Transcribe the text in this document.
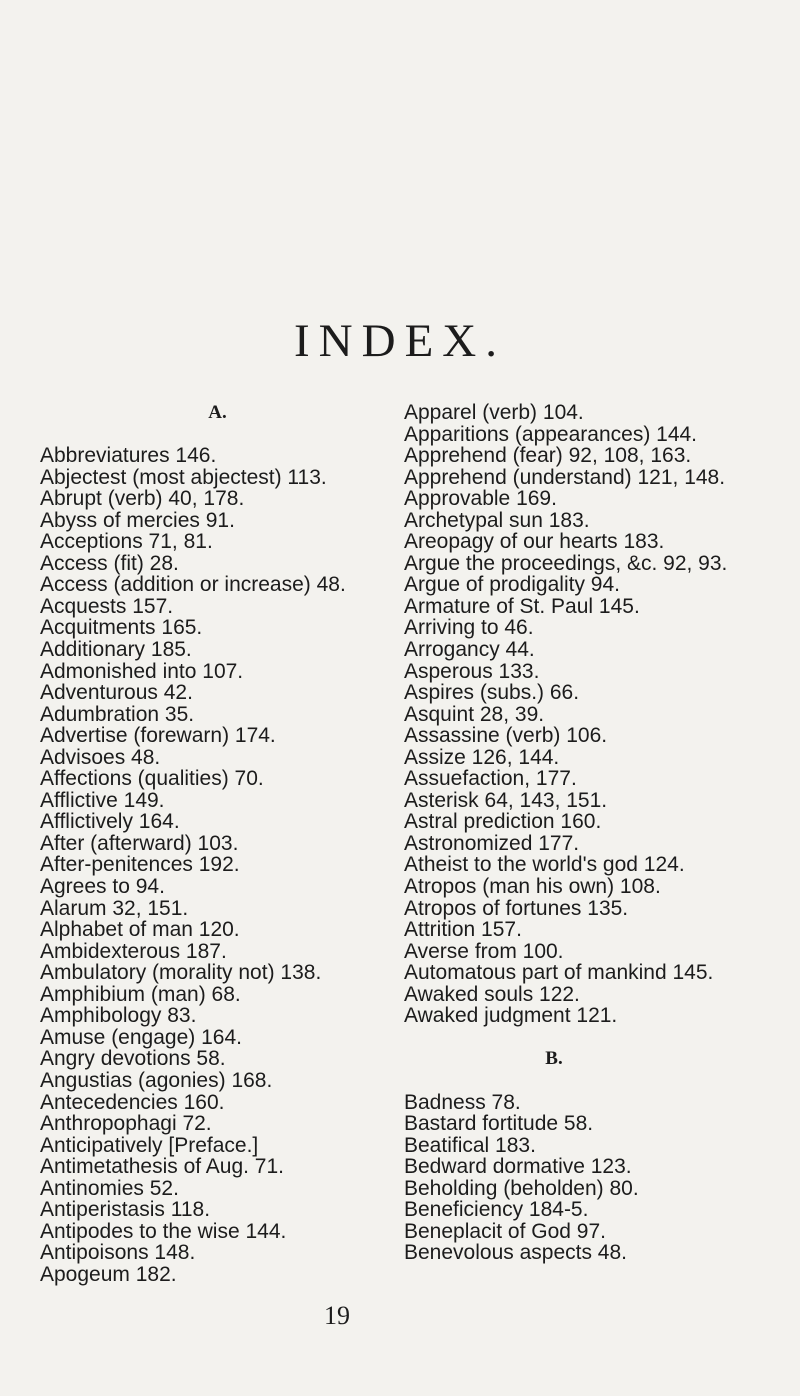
INDEX.
A.
Abbreviatures 146.
Abjectest (most abjectest) 113.
Abrupt (verb) 40, 178.
Abyss of mercies 91.
Acceptions 71, 81.
Access (fit) 28.
Access (addition or increase) 48.
Acquests 157.
Acquitments 165.
Additionary 185.
Admonished into 107.
Adventurous 42.
Adumbration 35.
Advertise (forewarn) 174.
Advisoes 48.
Affections (qualities) 70.
Afflictive 149.
Afflictively 164.
After (afterward) 103.
After-penitences 192.
Agrees to 94.
Alarum 32, 151.
Alphabet of man 120.
Ambidexterous 187.
Ambulatory (morality not) 138.
Amphibium (man) 68.
Amphibology 83.
Amuse (engage) 164.
Angry devotions 58.
Angustias (agonies) 168.
Antecedencies 160.
Anthropophagi 72.
Anticipatively [Preface.]
Antimetathesis of Aug. 71.
Antinomies 52.
Antiperistasis 118.
Antipodes to the wise 144.
Antipoisons 148.
Apogeum 182.
Apparel (verb) 104.
Apparitions (appearances) 144.
Apprehend (fear) 92, 108, 163.
Apprehend (understand) 121, 148.
Approvable 169.
Archetypal sun 183.
Areopagy of our hearts 183.
Argue the proceedings, &c. 92, 93.
Argue of prodigality 94.
Armature of St. Paul 145.
Arriving to 46.
Arrogancy 44.
Asperous 133.
Aspires (subs.) 66.
Asquint 28, 39.
Assassine (verb) 106.
Assize 126, 144.
Assuefaction, 177.
Asterisk 64, 143, 151.
Astral prediction 160.
Astronomized 177.
Atheist to the world's god 124.
Atropos (man his own) 108.
Atropos of fortunes 135.
Attrition 157.
Averse from 100.
Automatous part of mankind 145.
Awaked souls 122.
Awaked judgment 121.
B.
Badness 78.
Bastard fortitude 58.
Beatifical 183.
Bedward dormative 123.
Beholding (beholden) 80.
Beneficiency 184-5.
Beneplacit of God 97.
Benevolous aspects 48.
19
